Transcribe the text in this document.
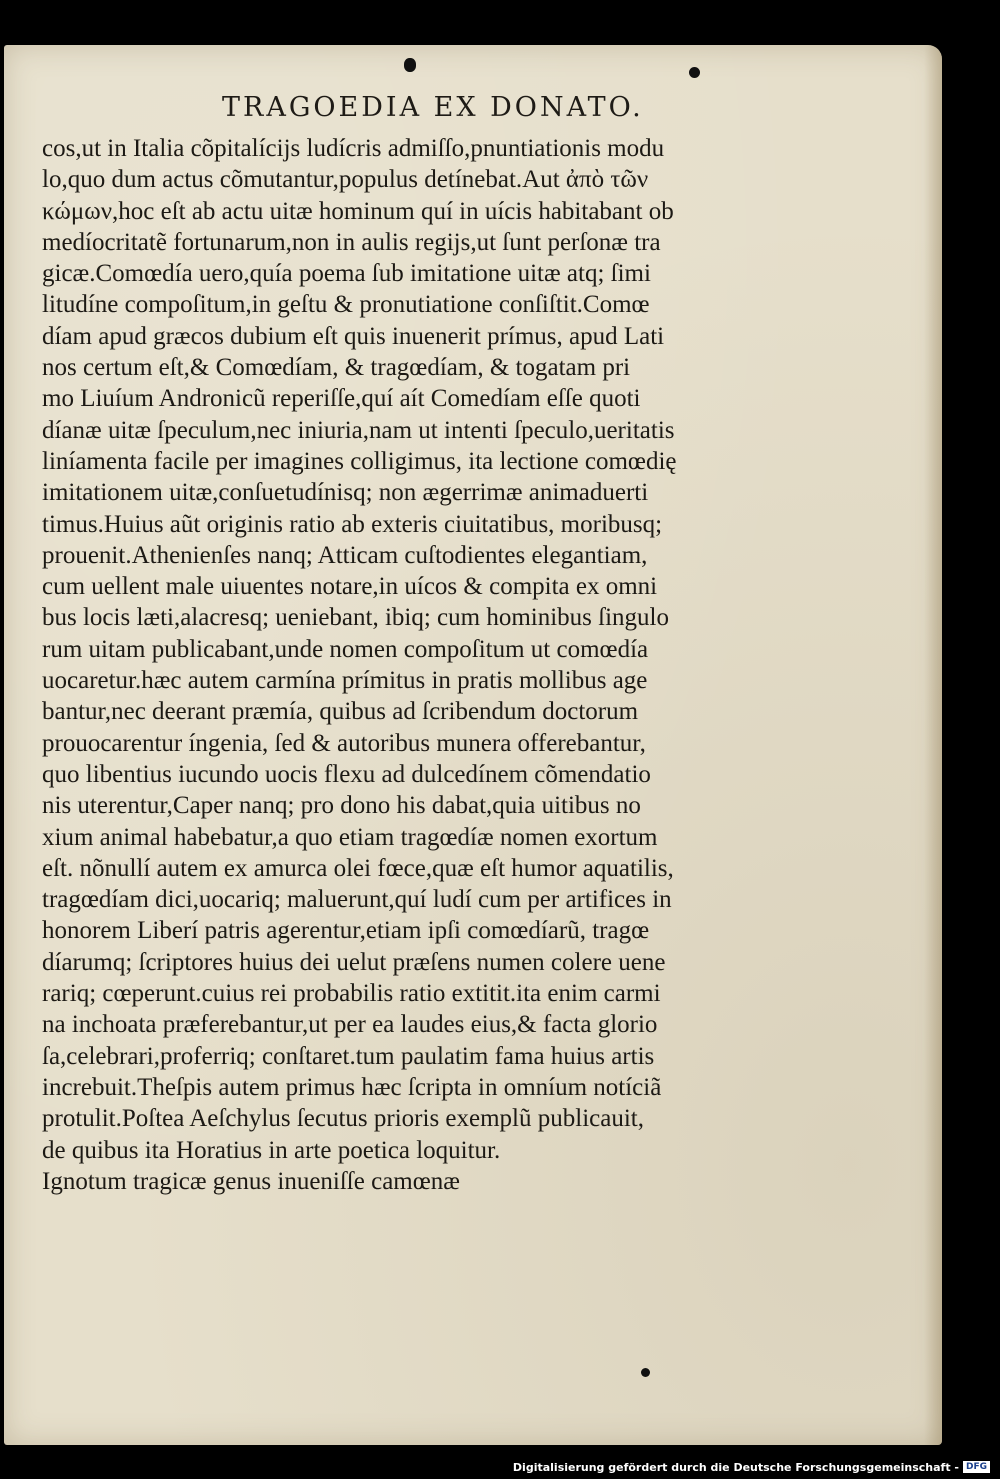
TRAGOEDIA EX DONATO.
cos,ut in Italia cõpitalícijs ludícris admiſſo,pnuntiationis modu
lo,quo dum actus cõmutantur,populus detínebat.Aut ἀπὸ τῶν
κώμων,hoc eſt ab actu uitæ hominum quí in uícis habitabant ob
medíocritatẽ fortunarum,non in aulis regijs,ut ſunt perſonæ tra
gicæ.Comœdía uero,quía poema ſub imitatione uitæ atq; ſimi
litudíne compoſitum,in geſtu & pronutiatione conſiſtit.Comœ
díam apud græcos dubium eſt quis inuenerit prímus, apud Lati
nos certum eſt,& Comœdíam, & tragœdíam, & togatam pri
mo Liuíum Andronicũ reperiſſe,quí aít Comedíam eſſe quoti
díanæ uitæ ſpeculum,nec iniuria,nam ut intenti ſpeculo,ueritatis
liníamenta facile per imagines colligimus, ita lectione comœdię
imitationem uitæ,conſuetudínisq; non ægerrimæ animaduerti
timus.Huius aũt originis ratio ab exteris ciuitatibus, moribusq;
prouenit.Athenienſes nanq; Atticam cuſtodientes elegantiam,
cum uellent male uiuentes notare,in uícos & compita ex omni
bus locis læti,alacresq; ueniebant, ibiq; cum hominibus ſingulo
rum uitam publicabant,unde nomen compoſitum ut comœdía
uocaretur.hæc autem carmína prímitus in pratis mollibus age
bantur,nec deerant præmía, quibus ad ſcribendum doctorum
prouocarentur íngenia, ſed & autoribus munera offerebantur,
quo libentius iucundo uocis flexu ad dulcedínem cõmendatio
nis uterentur,Caper nanq; pro dono his dabat,quia uitibus no
xium animal habebatur,a quo etiam tragœdíæ nomen exortum
eſt. nõnullí autem ex amurca olei fœce,quæ eſt humor aquatilis,
tragœdíam dici,uocariq; maluerunt,quí ludí cum per artifices in
honorem Liberí patris agerentur,etiam ipſi comœdíarũ, tragœ
díarumq; ſcriptores huius dei uelut præſens numen colere uene
rariq; cœperunt.cuius rei probabilis ratio extitit.ita enim carmi
na inchoata præferebantur,ut per ea laudes eius,& facta glorio
ſa,celebrari,proferriq; conſtaret.tum paulatim fama huius artis
increbuit.Theſpis autem primus hæc ſcripta in omníum notíciã
protulit.Poſtea Aeſchylus ſecutus prioris exemplũ publicauit,
de quibus ita Horatius in arte poetica loquitur.
Ignotum tragicæ genus inueniſſe camœnæ
Digitalisierung gefördert durch die Deutsche Forschungsgemeinschaft - DFG
